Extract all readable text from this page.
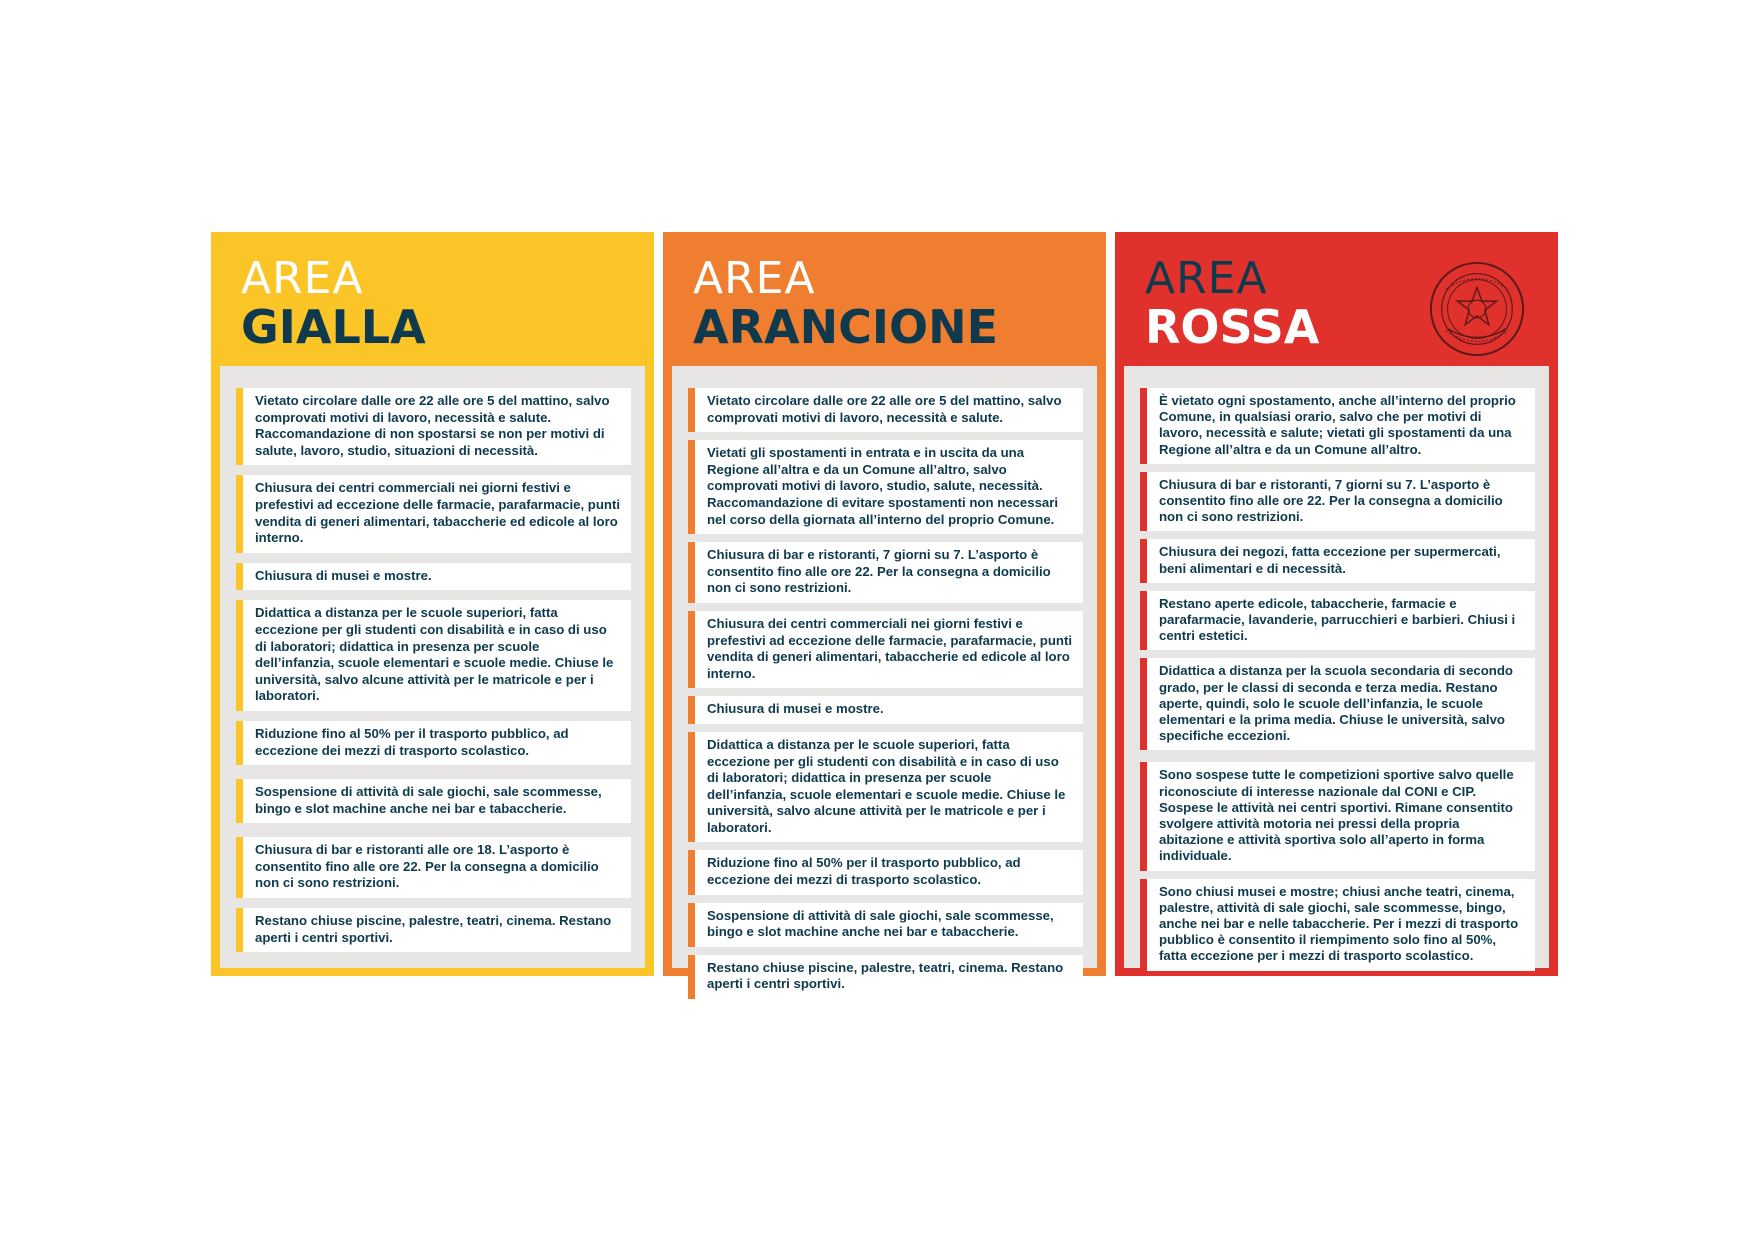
AREA
GIALLA
Vietato circolare dalle ore 22 alle ore 5 del mattino, salvo comprovati motivi di lavoro, necessità e salute. Raccomandazione di non spostarsi se non per motivi di salute, lavoro, studio, situazioni di necessità.
Chiusura dei centri commerciali nei giorni festivi e prefestivi ad eccezione delle farmacie, parafarmacie, punti vendita di generi alimentari, tabaccherie ed edicole al loro interno.
Chiusura di musei e mostre.
Didattica a distanza per le scuole superiori, fatta eccezione per gli studenti con disabilità e in caso di uso di laboratori; didattica in presenza per scuole dell’infanzia, scuole elementari e scuole medie. Chiuse le università, salvo alcune attività per le matricole e per i laboratori.
Riduzione fino al 50% per il trasporto pubblico, ad eccezione dei mezzi di trasporto scolastico.
Sospensione di attività di sale giochi, sale scommesse, bingo e slot machine anche nei bar e tabaccherie.
Chiusura di bar e ristoranti alle ore 18. L’asporto è consentito fino alle ore 22. Per la consegna a domicilio non ci sono restrizioni.
Restano chiuse piscine, palestre, teatri, cinema. Restano aperti i centri sportivi.
AREA
ARANCIONE
Vietato circolare dalle ore 22 alle ore 5 del mattino, salvo comprovati motivi di lavoro, necessità e salute.
Vietati gli spostamenti in entrata e in uscita da una Regione all’altra e da un Comune all’altro, salvo comprovati motivi di lavoro, studio, salute, necessità. Raccomandazione di evitare spostamenti non necessari nel corso della giornata all’interno del proprio Comune.
Chiusura di bar e ristoranti, 7 giorni su 7. L’asporto è consentito fino alle ore 22. Per la consegna a domicilio non ci sono restrizioni.
Chiusura dei centri commerciali nei giorni festivi e prefestivi ad eccezione delle farmacie, parafarmacie, punti vendita di generi alimentari, tabaccherie ed edicole al loro interno.
Chiusura di musei e mostre.
Didattica a distanza per le scuole superiori, fatta eccezione per gli studenti con disabilità e in caso di uso di laboratori; didattica in presenza per scuole dell’infanzia, scuole elementari e scuole medie. Chiuse le università, salvo alcune attività per le matricole e per i laboratori.
Riduzione fino al 50% per il trasporto pubblico, ad eccezione dei mezzi di trasporto scolastico.
Sospensione di attività di sale giochi, sale scommesse, bingo e slot machine anche nei bar e tabaccherie.
Restano chiuse piscine, palestre, teatri, cinema. Restano aperti i centri sportivi.
AREA
ROSSA
È vietato ogni spostamento, anche all’interno del proprio Comune, in qualsiasi orario, salvo che per motivi di lavoro, necessità e salute; vietati gli spostamenti da una Regione all’altra e da un Comune all’altro.
Chiusura di bar e ristoranti, 7 giorni su 7. L’asporto è consentito fino alle ore 22. Per la consegna a domicilio non ci sono restrizioni.
Chiusura dei negozi, fatta eccezione per supermercati, beni alimentari e di necessità.
Restano aperte edicole, tabaccherie, farmacie e parafarmacie, lavanderie, parrucchieri e barbieri. Chiusi i centri estetici.
Didattica a distanza per la scuola secondaria di secondo grado, per le classi di seconda e terza media. Restano aperte, quindi, solo le scuole dell’infanzia, le scuole elementari e la prima media. Chiuse le università, salvo specifiche eccezioni.
Sono sospese tutte le competizioni sportive salvo quelle riconosciute di interesse nazionale dal CONI e CIP. Sospese le attività nei centri sportivi. Rimane consentito svolgere attività motoria nei pressi della propria abitazione e attività sportiva solo all’aperto in forma individuale.
Sono chiusi musei e mostre; chiusi anche teatri, cinema, palestre, attività di sale giochi, sale scommesse, bingo, anche nei bar e nelle tabaccherie. Per i mezzi di trasporto pubblico è consentito il riempimento solo fino al 50%, fatta eccezione per i mezzi di trasporto scolastico.
